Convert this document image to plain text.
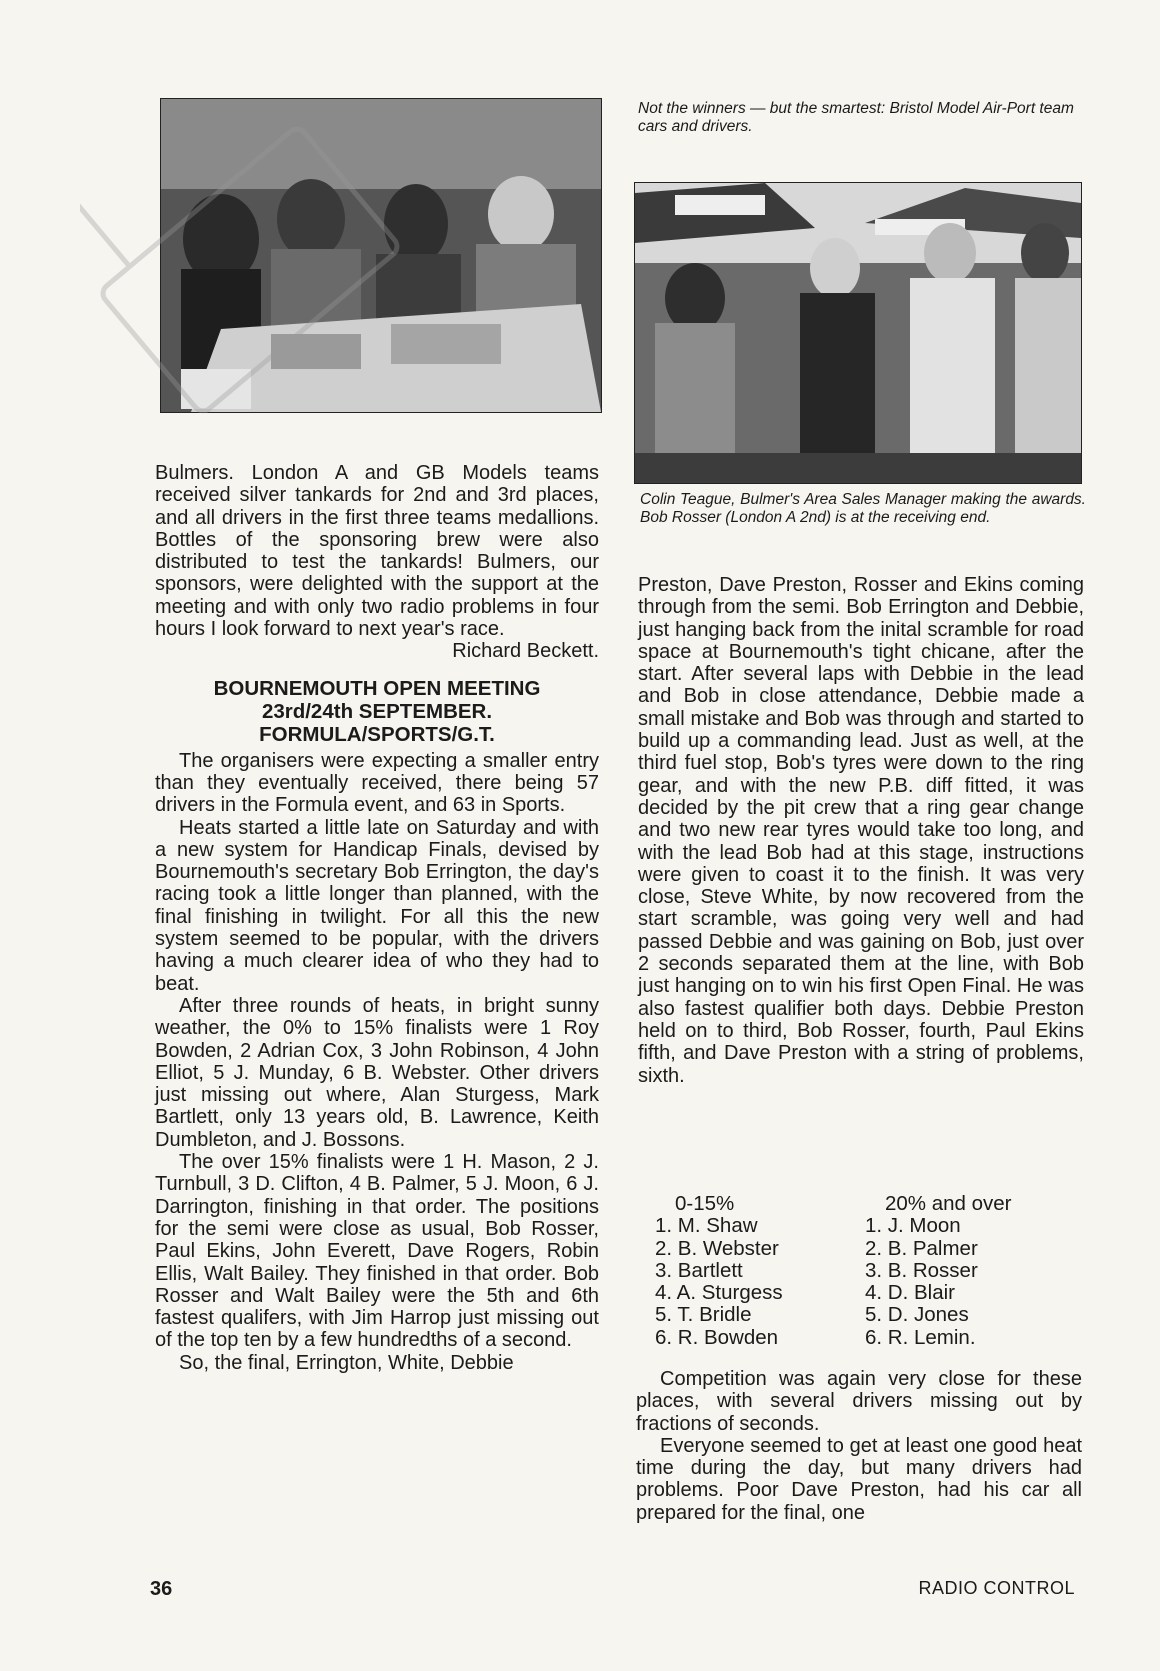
Not the winners — but the smartest: Bristol Model Air-Port team cars and drivers.
Colin Teague, Bulmer's Area Sales Manager making the awards. Bob Rosser (London A 2nd) is at the receiving end.

Bulmers. London A and GB Models teams received silver tankards for 2nd and 3rd places, and all drivers in the first three teams medallions. Bottles of the sponsoring brew were also distributed to test the tankards! Bulmers, our sponsors, were delighted with the support at the meeting and with only two radio problems in four hours I look forward to next year's race.

Richard Beckett.

BOURNEMOUTH OPEN MEETING
23rd/24th SEPTEMBER.
FORMULA/SPORTS/G.T.

The organisers were expecting a smaller entry than they eventually received, there being 57 drivers in the Formula event, and 63 in Sports.

Heats started a little late on Saturday and with a new system for Handicap Finals, devised by Bournemouth's secretary Bob Errington, the day's racing took a little longer than planned, with the final finishing in twilight. For all this the new system seemed to be popular, with the drivers having a much clearer idea of who they had to beat.

After three rounds of heats, in bright sunny weather, the 0% to 15% finalists were 1 Roy Bowden, 2 Adrian Cox, 3 John Robinson, 4 John Elliot, 5 J. Munday, 6 B. Webster. Other drivers just missing out where, Alan Sturgess, Mark Bartlett, only 13 years old, B. Lawrence, Keith Dumbleton, and J. Bossons.

The over 15% finalists were 1 H. Mason, 2 J. Turnbull, 3 D. Clifton, 4 B. Palmer, 5 J. Moon, 6 J. Darrington, finishing in that order. The positions for the semi were close as usual, Bob Rosser, Paul Ekins, John Everett, Dave Rogers, Robin Ellis, Walt Bailey. They finished in that order. Bob Rosser and Walt Bailey were the 5th and 6th fastest qualifers, with Jim Harrop just missing out of the top ten by a few hundredths of a second.

So, the final, Errington, White, Debbie

Preston, Dave Preston, Rosser and Ekins coming through from the semi. Bob Errington and Debbie, just hanging back from the inital scramble for road space at Bournemouth's tight chicane, after the start. After several laps with Debbie in the lead and Bob in close attendance, Debbie made a small mistake and Bob was through and started to build up a commanding lead. Just as well, at the third fuel stop, Bob's tyres were down to the ring gear, and with the new P.B. diff fitted, it was decided by the pit crew that a ring gear change and two new rear tyres would take too long, and with the lead Bob had at this stage, instructions were given to coast it to the finish. It was very close, Steve White, by now recovered from the start scramble, was going very well and had passed Debbie and was gaining on Bob, just over 2 seconds separated them at the line, with Bob just hanging on to win his first Open Final. He was also fastest qualifier both days. Debbie Preston held on to third, Bob Rosser, fourth, Paul Ekins fifth, and Dave Preston with a string of problems, sixth.

0-15%
1. M. Shaw
2. B. Webster
3. Bartlett
4. A. Sturgess
5. T. Bridle
6. R. Bowden
20% and over
1. J. Moon
2. B. Palmer
3. B. Rosser
4. D. Blair
5. D. Jones
6. R. Lemin.

Competition was again very close for these places, with several drivers missing out by fractions of seconds.

Everyone seemed to get at least one good heat time during the day, but many drivers had problems. Poor Dave Preston, had his car all prepared for the final, one

36	RADIO CONTROL
